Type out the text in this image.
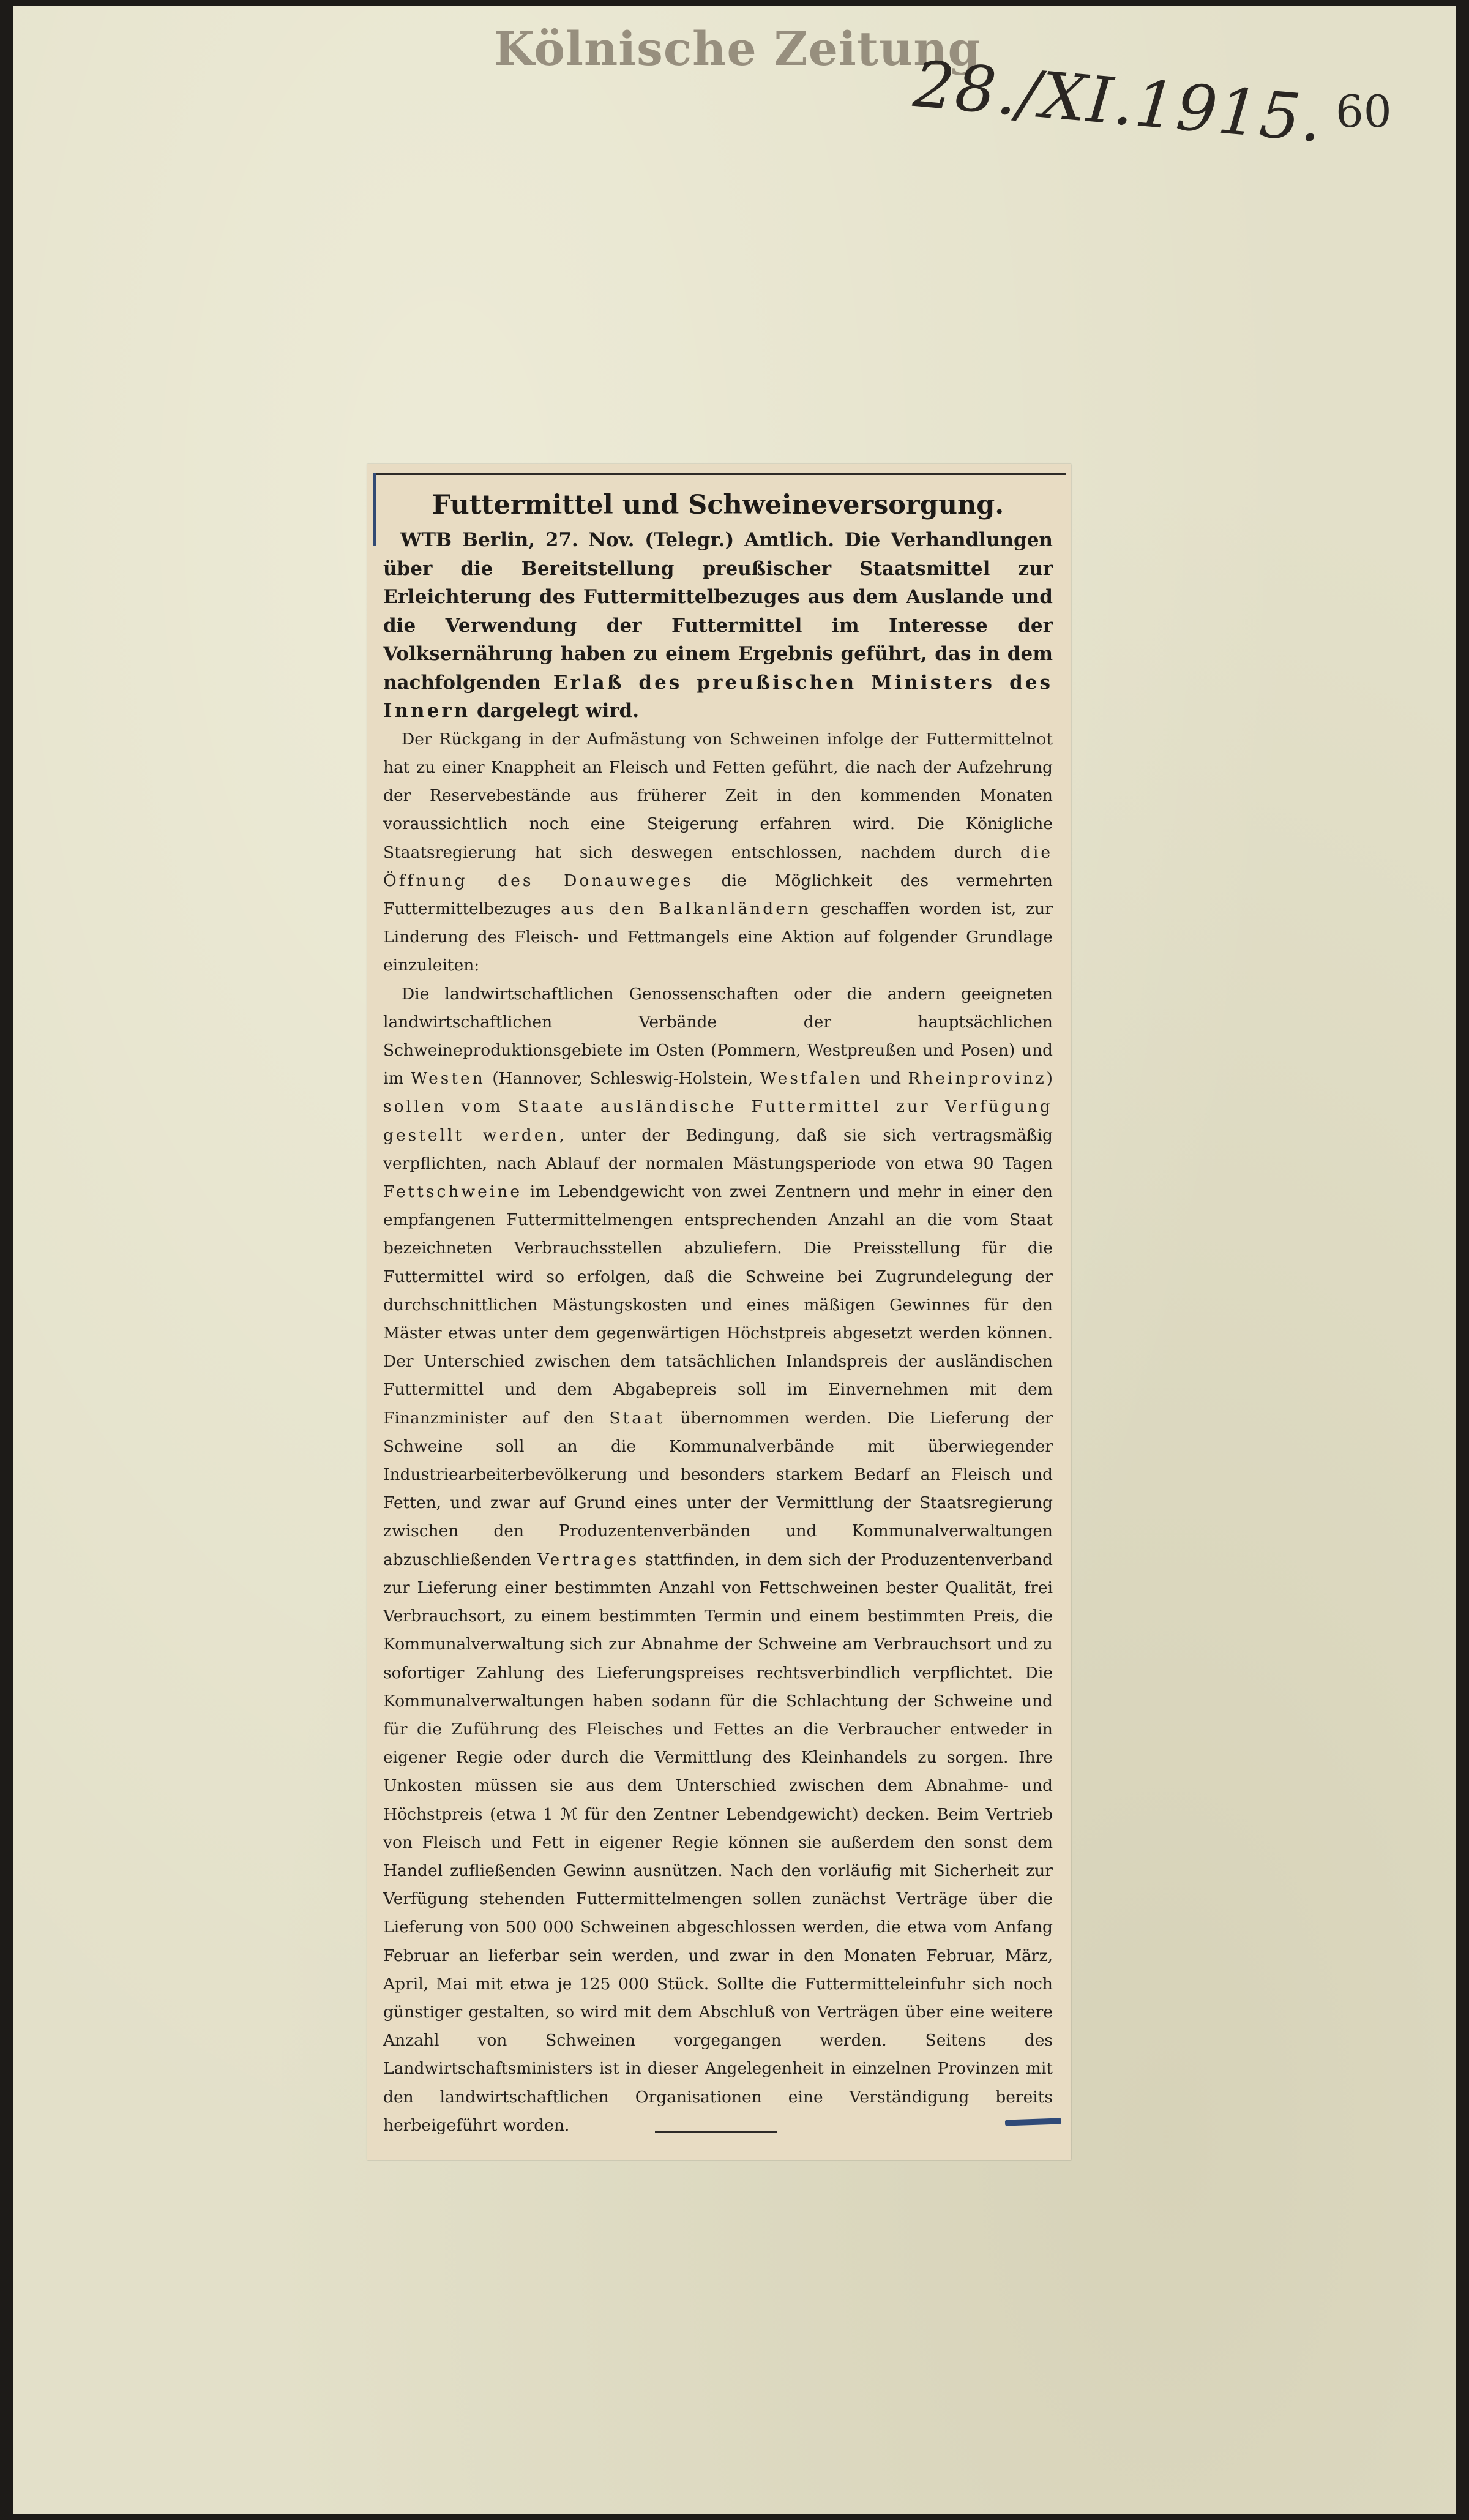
Kölnische Zeitung
28./XI.1915. 60
Futtermittel und Schweineversorgung.

WTB Berlin, 27. Nov. (Telegr.) Amtlich. Die Verhandlungen über die Bereitstellung preußischer Staatsmittel zur Erleichterung des Futtermittelbezuges aus dem Auslande und die Verwendung der Futtermittel im Interesse der Volksernährung haben zu einem Ergebnis geführt, das in dem nachfolgenden Erlaß des preußischen Ministers des Innern dargelegt wird.

Der Rückgang in der Aufmästung von Schweinen infolge der Futtermittelnot hat zu einer Knappheit an Fleisch und Fetten geführt, die nach der Aufzehrung der Reservebestände aus früherer Zeit in den kommenden Monaten voraussichtlich noch eine Steigerung erfahren wird. Die Königliche Staatsregierung hat sich deswegen entschlossen, nachdem durch die Öffnung des Donauweges die Möglichkeit des vermehrten Futtermittelbezuges aus den Balkanländern geschaffen worden ist, zur Linderung des Fleisch- und Fettmangels eine Aktion auf folgender Grundlage einzuleiten:

Die landwirtschaftlichen Genossenschaften oder die andern geeigneten landwirtschaftlichen Verbände der hauptsächlichen Schweineproduktionsgebiete im Osten (Pommern, Westpreußen und Posen) und im Westen (Hannover, Schleswig-Holstein, Westfalen und Rheinprovinz) sollen vom Staate ausländische Futtermittel zur Verfügung gestellt werden, unter der Bedingung, daß sie sich vertragsmäßig verpflichten, nach Ablauf der normalen Mästungsperiode von etwa 90 Tagen Fettschweine im Lebendgewicht von zwei Zentnern und mehr in einer den empfangenen Futtermittelmengen entsprechenden Anzahl an die vom Staat bezeichneten Verbrauchsstellen abzuliefern. Die Preisstellung für die Futtermittel wird so erfolgen, daß die Schweine bei Zugrundelegung der durchschnittlichen Mästungskosten und eines mäßigen Gewinnes für den Mäster etwas unter dem gegenwärtigen Höchstpreis abgesetzt werden können. Der Unterschied zwischen dem tatsächlichen Inlandspreis der ausländischen Futtermittel und dem Abgabepreis soll im Einvernehmen mit dem Finanzminister auf den Staat übernommen werden. Die Lieferung der Schweine soll an die Kommunalverbände mit überwiegender Industriearbeiterbevölkerung und besonders starkem Bedarf an Fleisch und Fetten, und zwar auf Grund eines unter der Vermittlung der Staatsregierung zwischen den Produzentenverbänden und Kommunalverwaltungen abzuschließenden Vertrages stattfinden, in dem sich der Produzentenverband zur Lieferung einer bestimmten Anzahl von Fettschweinen bester Qualität, frei Verbrauchsort, zu einem bestimmten Termin und einem bestimmten Preis, die Kommunalverwaltung sich zur Abnahme der Schweine am Verbrauchsort und zu sofortiger Zahlung des Lieferungspreises rechtsverbindlich verpflichtet. Die Kommunalverwaltungen haben sodann für die Schlachtung der Schweine und für die Zuführung des Fleisches und Fettes an die Verbraucher entweder in eigener Regie oder durch die Vermittlung des Kleinhandels zu sorgen. Ihre Unkosten müssen sie aus dem Unterschied zwischen dem Abnahme- und Höchstpreis (etwa 1 ℳ für den Zentner Lebendgewicht) decken. Beim Vertrieb von Fleisch und Fett in eigener Regie können sie außerdem den sonst dem Handel zufließenden Gewinn ausnützen. Nach den vorläufig mit Sicherheit zur Verfügung stehenden Futtermittelmengen sollen zunächst Verträge über die Lieferung von 500 000 Schweinen abgeschlossen werden, die etwa vom Anfang Februar an lieferbar sein werden, und zwar in den Monaten Februar, März, April, Mai mit etwa je 125 000 Stück. Sollte die Futtermitteleinfuhr sich noch günstiger gestalten, so wird mit dem Abschluß von Verträgen über eine weitere Anzahl von Schweinen vorgegangen werden. Seitens des Landwirtschaftsministers ist in dieser Angelegenheit in einzelnen Provinzen mit den landwirtschaftlichen Organisationen eine Verständigung bereits herbeigeführt worden.
